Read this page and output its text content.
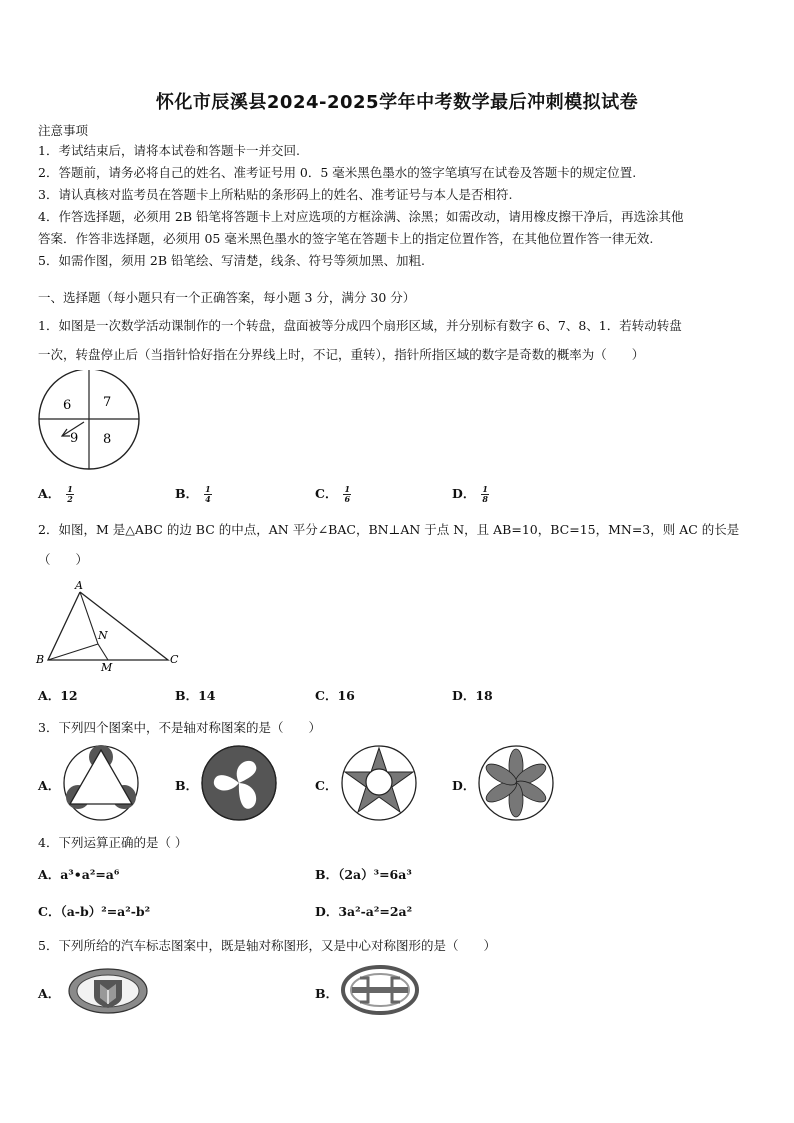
怀化市辰溪县2024-2025学年中考数学最后冲刺模拟试卷
注意事项
1．考试结束后，请将本试卷和答题卡一并交回.
2．答题前，请务必将自己的姓名、准考证号用 0．5 毫米黑色墨水的签字笔填写在试卷及答题卡的规定位置.
3．请认真核对监考员在答题卡上所粘贴的条形码上的姓名、准考证号与本人是否相符.
4．作答选择题，必须用 2B 铅笔将答题卡上对应选项的方框涂满、涂黑；如需改动，请用橡皮擦干净后，再选涂其他
答案．作答非选择题，必须用 05 毫米黑色墨水的签字笔在答题卡上的指定位置作答，在其他位置作答一律无效.
5．如需作图，须用 2B 铅笔绘、写清楚，线条、符号等须加黑、加粗.
一、选择题（每小题只有一个正确答案，每小题 3 分，满分 30 分）
1．如图是一次数学活动课制作的一个转盘，盘面被等分成四个扇形区域，并分别标有数字 6、7、8、1．若转动转盘
一次，转盘停止后（当指针恰好指在分界线上时，不记，重转），指针所指区域的数字是奇数的概率为（　　）
6 7
9 8
A． $\frac{1}{2}$	B． $\frac{1}{4}$	C． $\frac{1}{6}$	D． $\frac{1}{8}$
2．如图，M 是△ABC 的边 BC 的中点，AN 平分∠BAC，BN⊥AN 于点 N，且 AB=10，BC=15，MN=3，则 AC 的长是
（　　）
A
N
B
M
C
A．12	B．14	C．16	D．18
3．下列四个图案中，不是轴对称图案的是（　　）
A．	B．	C．	D．
4．下列运算正确的是（ ）
A．a³•a²=a⁶	B．（2a）³=6a³
C．（a-b）²=a²-b²	D．3a²-a²=2a²
5．下列所给的汽车标志图案中，既是轴对称图形，又是中心对称图形的是（　　）
A．	B．
